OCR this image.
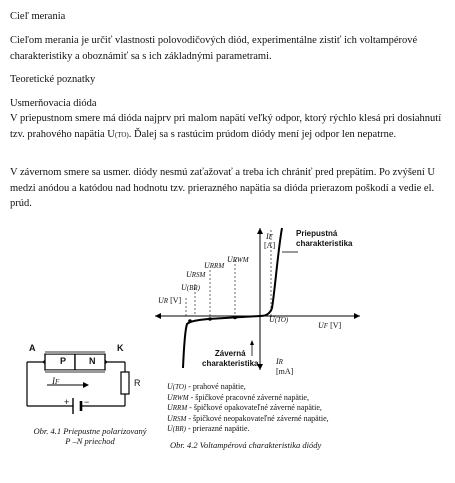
Cieľ merania
Cieľom merania je určiť vlastnosti polovodičových diód, experimentálne zistiť ich voltampérové charakteristiky a oboznámiť sa s ich základnými parametrami.
Teoretické poznatky
Usmerňovacia dióda
V priepustnom smere má dióda najprv pri malom napätí veľký odpor, ktorý rýchlo klesá pri dosiahnutí tzv. prahového napätia U(TO). Ďalej sa s rastúcim prúdom diódy mení jej odpor len nepatrne.
V závernom smere sa usmer. diódy nesmú zaťažovať a treba ich chrániť pred prepätím. Po zvýšení U medzi anódou a katódou nad hodnotu tzv. prierazného napätia sa dióda prierazom poškodí a vedie el. prúd.
A
P	N
K
IF	R
+ −
Obr. 4.1 Priepustne polarizovaný
P –N priechod
IF
[A]
Priepustná
charakteristika
URWM
URRM
URSM
U(BR)
UR [V]
U(TO)
UF [V]
Záverná
charakteristika IR
[mA]
U(TO) - prahové napätie,
URWM - špičkové pracovné záverné napätie,
URRM - špičkové opakovateľné záverné napätie,
URSM - špičkové neopakovateľné záverné napätie,
U(BR) - prierazné napätie.
Obr. 4.2 Voltampérová charakteristika diódy
